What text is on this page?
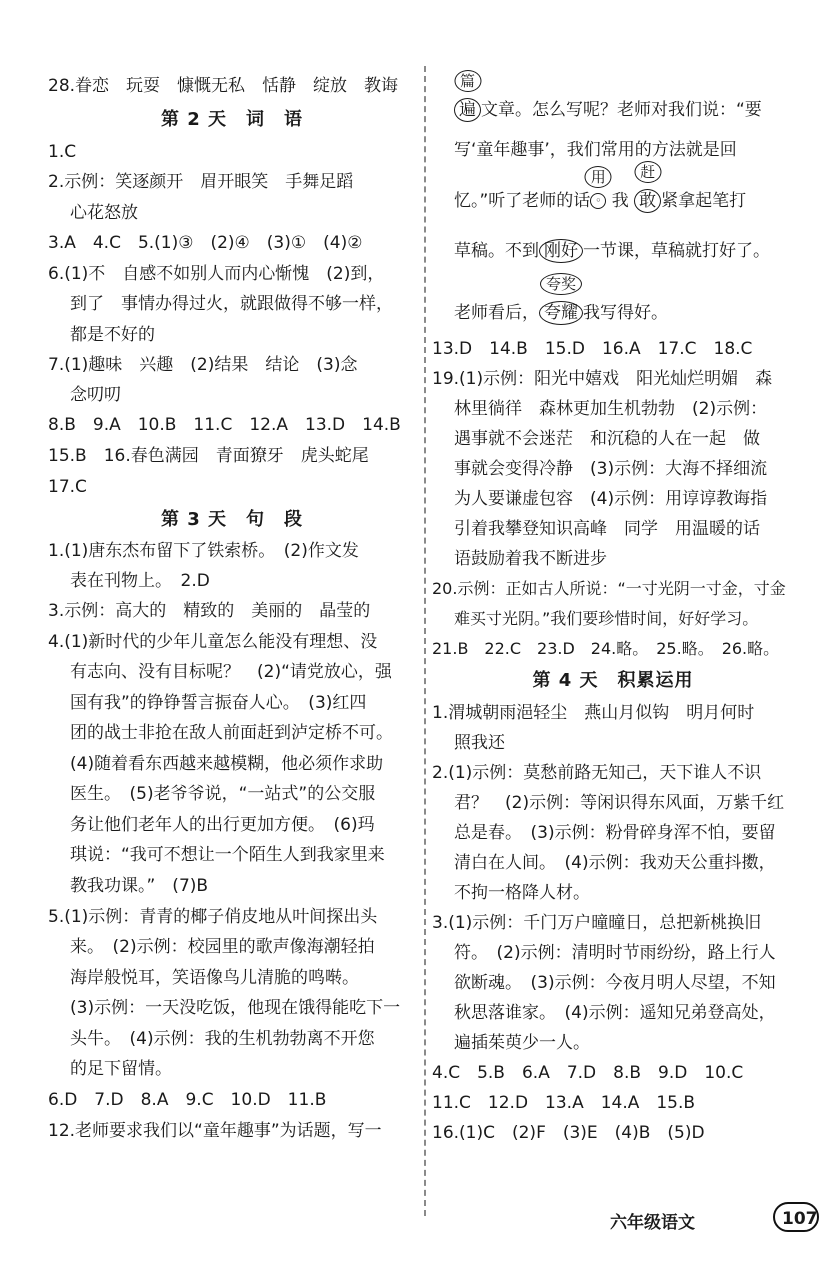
28.眷恋　玩耍　慷慨无私　恬静　绽放　教诲
第 2 天　词　语
1.C
2.示例：笑逐颜开　眉开眼笑　手舞足蹈
心花怒放
3.A　4.C　5.(1)③　(2)④　(3)①　(4)②
6.(1)不　自感不如别人而内心惭愧　(2)到，
到了　事情办得过火，就跟做得不够一样，
都是不好的
7.(1)趣味　兴趣　(2)结果　结论　(3)念
念叨叨
8.B　9.A　10.B　11.C　12.A　13.D　14.B
15.B　16.春色满园　青面獠牙　虎头蛇尾
17.C
第 3 天　句　段
1.(1)唐东杰布留下了铁索桥。　(2)作文发
表在刊物上。　2.D
3.示例：高大的　精致的　美丽的　晶莹的
4.(1)新时代的少年儿童怎么能没有理想、没
有志向、没有目标呢？　(2)“请党放心，强
国有我”的铮铮誓言振奋人心。　(3)红四
团的战士非抢在敌人前面赶到泸定桥不可。
(4)随着看东西越来越模糊，他必须作求助
医生。　(5)老爷爷说，“一站式”的公交服
务让他们老年人的出行更加方便。　(6)玛
琪说：“我可不想让一个陌生人到我家里来
教我功课。”　(7)B
5.(1)示例：青青的椰子俏皮地从叶间探出头
来。　(2)示例：校园里的歌声像海潮轻拍
海岸般悦耳，笑语像鸟儿清脆的鸣啭。
(3)示例：一天没吃饭，他现在饿得能吃下一
头牛。　(4)示例：我的生机勃勃离不开您
的足下留情。
6.D　7.D　8.A　9.C　10.D　11.B
12.老师要求我们以“童年趣事”为话题，写一
遍
篇
文章。怎么写呢？老师对我们说：“要
写‘童年趣事’，我们常用的方法就是回
忆。”听了老师的话 ◦
用
我 敢
赶
紧拿起笔打
草稿。不到 刚好 一节课，草稿就打好了。
老师看后， 夸耀
夸奖
我写得好。
13.D　14.B　15.D　16.A　17.C　18.C
19.(1)示例：阳光中嬉戏　阳光灿烂明媚　森
林里徜徉　森林更加生机勃勃　(2)示例：
遇事就不会迷茫　和沉稳的人在一起　做
事就会变得冷静　(3)示例：大海不择细流
为人要谦虚包容　(4)示例：用谆谆教诲指
引着我攀登知识高峰　同学　用温暖的话
语鼓励着我不断进步
20.示例：正如古人所说：“一寸光阴一寸金，寸金
难买寸光阴。”我们要珍惜时间，好好学习。
21.B　22.C　23.D　24.略。　25.略。　26.略。
第 4 天　积累运用
1.渭城朝雨浥轻尘　燕山月似钩　明月何时
照我还
2.(1)示例：莫愁前路无知己，天下谁人不识
君？　(2)示例：等闲识得东风面，万紫千红
总是春。　(3)示例：粉骨碎身浑不怕，要留
清白在人间。　(4)示例：我劝天公重抖擞，
不拘一格降人材。
3.(1)示例：千门万户曈曈日，总把新桃换旧
符。　(2)示例：清明时节雨纷纷，路上行人
欲断魂。　(3)示例：今夜月明人尽望，不知
秋思落谁家。　(4)示例：遥知兄弟登高处，
遍插茱萸少一人。
4.C　5.B　6.A　7.D　8.B　9.D　10.C
11.C　12.D　13.A　14.A　15.B
16.(1)C　(2)F　(3)E　(4)B　(5)D
六年级语文	107
